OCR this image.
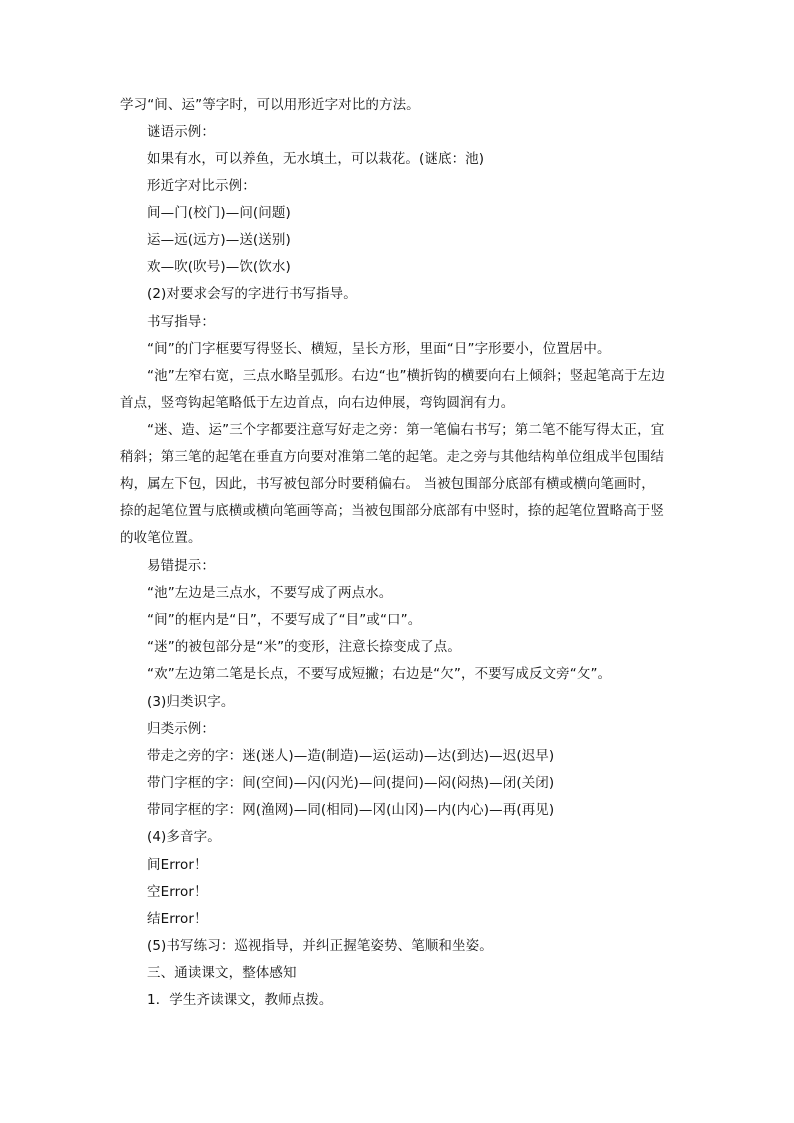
学习“间、运”等字时，可以用形近字对比的方法。
谜语示例：
如果有水，可以养鱼，无水填土，可以栽花。(谜底：池)
形近字对比示例：
间—门(校门)—问(问题)
运—远(远方)—送(送别)
欢—吹(吹号)—饮(饮水)
(2)对要求会写的字进行书写指导。
书写指导：
“间”的门字框要写得竖长、横短，呈长方形，里面“日”字形要小，位置居中。
“池”左窄右宽，三点水略呈弧形。右边“也”横折钩的横要向右上倾斜；竖起笔高于左边
首点，竖弯钩起笔略低于左边首点，向右边伸展，弯钩圆润有力。
“迷、造、运”三个字都要注意写好走之旁：第一笔偏右书写；第二笔不能写得太正，宜
稍斜；第三笔的起笔在垂直方向要对准第二笔的起笔。走之旁与其他结构单位组成半包围结
构，属左下包，因此，书写被包部分时要稍偏右。 当被包围部分底部有横或横向笔画时，
捺的起笔位置与底横或横向笔画等高；当被包围部分底部有中竖时，捺的起笔位置略高于竖
的收笔位置。
易错提示：
“池”左边是三点水，不要写成了两点水。
“间”的框内是“日”，不要写成了“目”或“口”。
“迷”的被包部分是“米”的变形，注意长捺变成了点。
“欢”左边第二笔是长点，不要写成短撇；右边是“欠”，不要写成反文旁“攵”。
(3)归类识字。
归类示例：
带走之旁的字：迷(迷人)—造(制造)—运(运动)—达(到达)—迟(迟早)
带门字框的字：间(空间)—闪(闪光)—问(提问)—闷(闷热)—闭(关闭)
带同字框的字：网(渔网)—同(相同)—冈(山冈)—内(内心)—再(再见)
(4)多音字。
间Error！
空Error！
结Error！
(5)书写练习：巡视指导，并纠正握笔姿势、笔顺和坐姿。
三、通读课文，整体感知
1．学生齐读课文，教师点拨。
